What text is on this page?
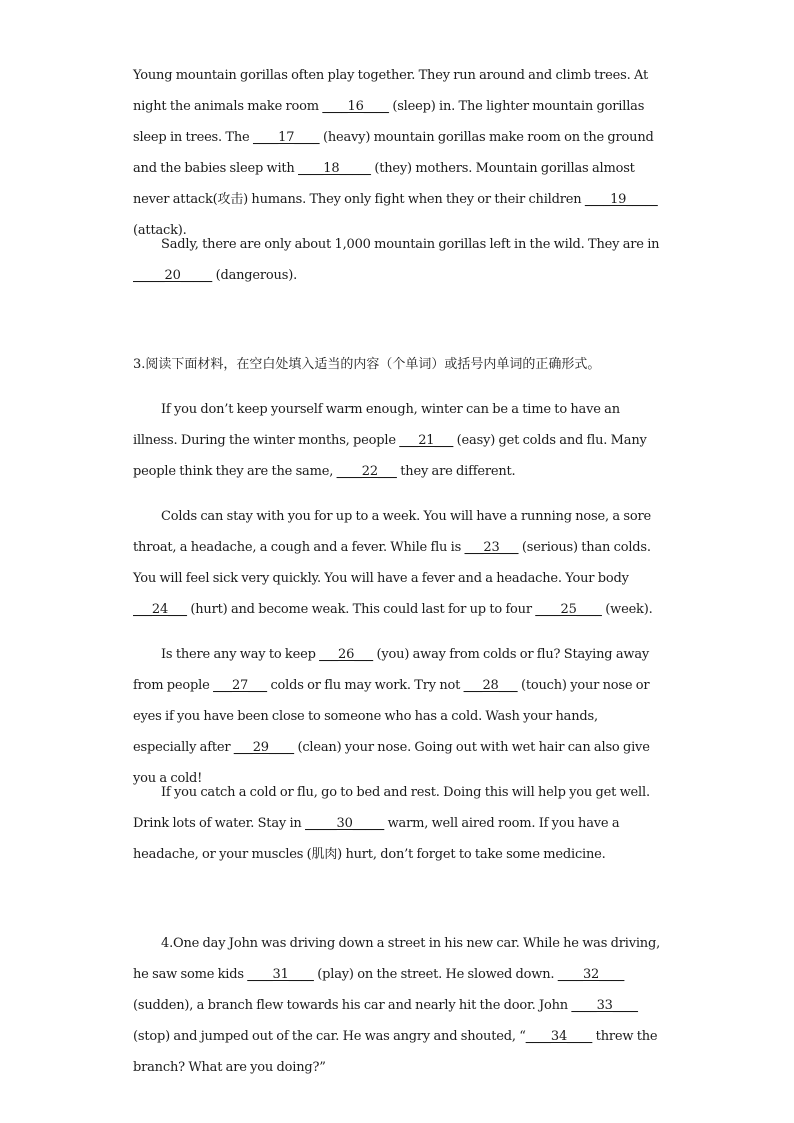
Young mountain gorillas often play together. They run around and climb trees. At night the animals make room ____16____ (sleep) in. The lighter mountain gorillas sleep in trees. The ____17____ (heavy) mountain gorillas make room on the ground and the babies sleep with ____18_____ (they) mothers. Mountain gorillas almost never attack(攻击) humans. They only fight when they or their children ____19_____ (attack).

Sadly, there are only about 1,000 mountain gorillas left in the wild. They are in _____20_____ (dangerous).

3.阅读下面材料，在空白处填入适当的内容（个单词）或括号内单词的正确形式。

If you don’t keep yourself warm enough, winter can be a time to have an illness. During the winter months, people ___21___ (easy) get colds and flu. Many people think they are the same, ____22___ they are different.

Colds can stay with you for up to a week. You will have a running nose, a sore throat, a headache, a cough and a fever. While flu is ___23___ (serious) than colds. You will feel sick very quickly. You will have a fever and a headache. Your body ___24___ (hurt) and become weak. This could last for up to four ____25____ (week).

Is there any way to keep ___26___ (you) away from colds or flu? Staying away from people ___27___ colds or flu may work. Try not ___28___ (touch) your nose or eyes if you have been close to someone who has a cold. Wash your hands, especially after ___29____ (clean) your nose. Going out with wet hair can also give you a cold!

If you catch a cold or flu, go to bed and rest. Doing this will help you get well. Drink lots of water. Stay in _____30_____ warm, well aired room. If you have a headache, or your muscles (肌肉) hurt, don’t forget to take some medicine.

4.One day John was driving down a street in his new car. While he was driving, he saw some kids ____31____ (play) on the street. He slowed down. ____32____ (sudden), a branch flew towards his car and nearly hit the door. John ____33____ (stop) and jumped out of the car. He was angry and shouted, “____34____ threw the branch? What are you doing?”
